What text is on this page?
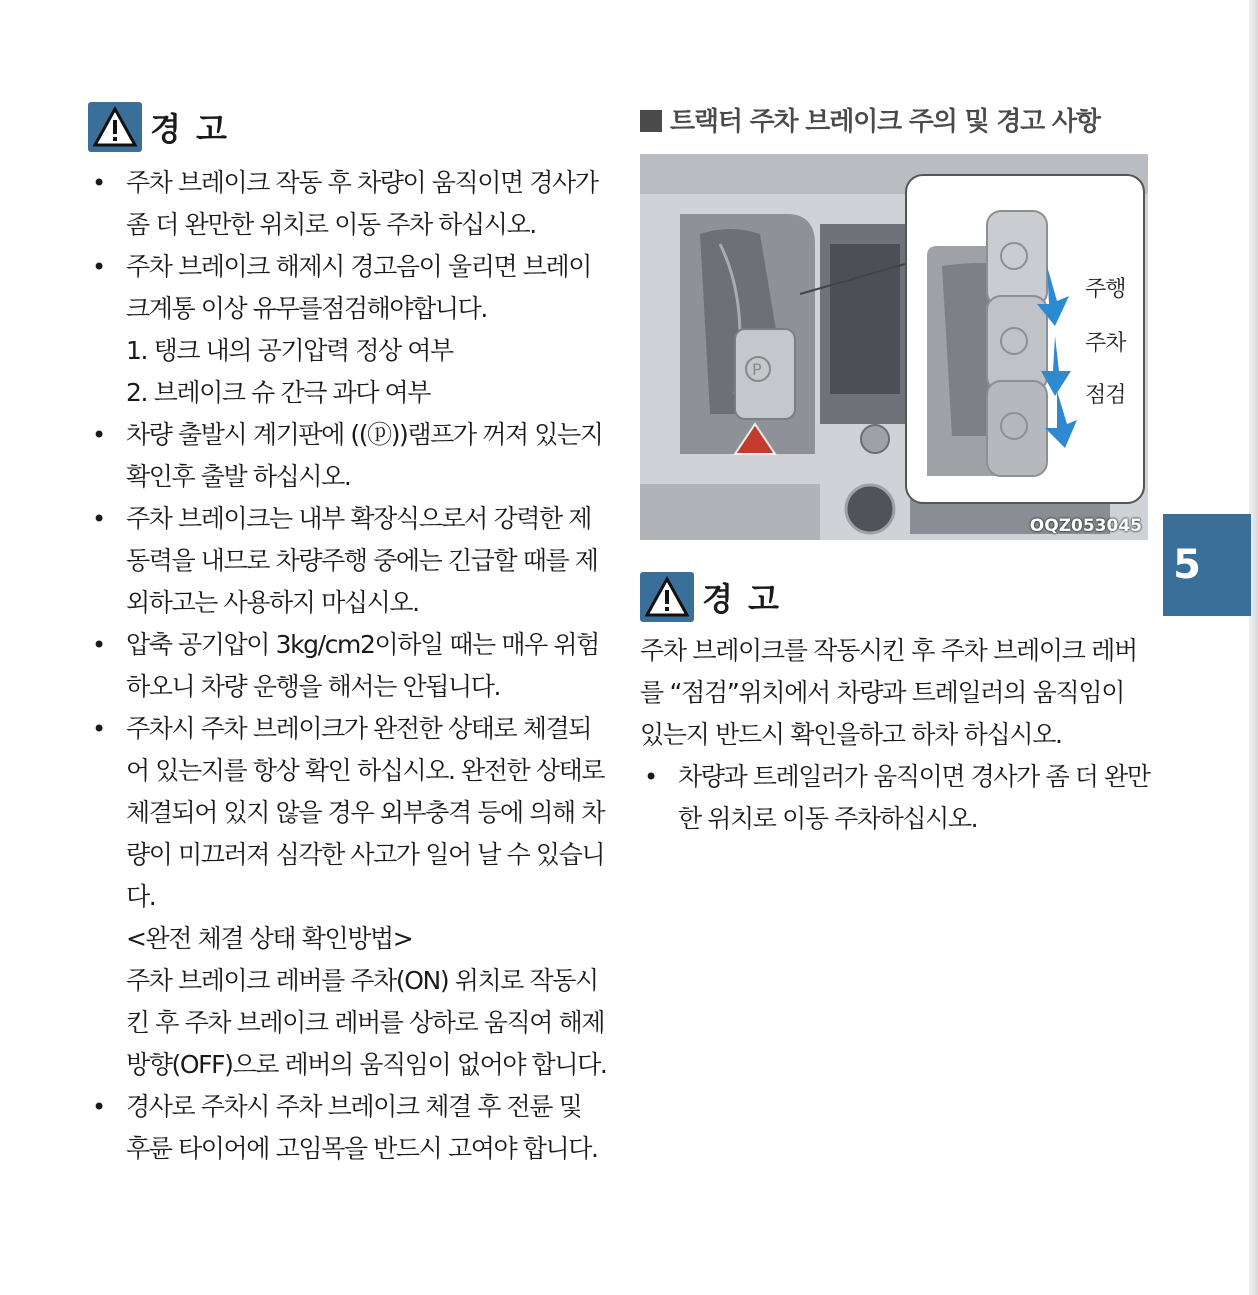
경 고
• 주차 브레이크 작동 후 차량이 움직이면 경사가 좀 더 완만한 위치로 이동 주차 하십시오.
• 주차 브레이크 해제시 경고음이 울리면 브레이크계통 이상 유무를점검해야합니다.
1. 탱크 내의 공기압력 정상 여부
2. 브레이크 슈 간극 과다 여부
• 차량 출발시 계기판에 ((ⓟ))램프가 꺼져 있는지 확인후 출발 하십시오.
• 주차 브레이크는 내부 확장식으로서 강력한 제동력을 내므로 차량주행 중에는 긴급할 때를 제외하고는 사용하지 마십시오.
• 압축 공기압이 3kg/cm2이하일 때는 매우 위험하오니 차량 운행을 해서는 안됩니다.
• 주차시 주차 브레이크가 완전한 상태로 체결되어 있는지를 항상 확인 하십시오. 완전한 상태로 체결되어 있지 않을 경우 외부충격 등에 의해 차량이 미끄러져 심각한 사고가 일어 날 수 있습니다.
<완전 체결 상태 확인방법>
주차 브레이크 레버를 주차(ON) 위치로 작동시킨 후 주차 브레이크 레버를 상하로 움직여 해제방향(OFF)으로 레버의 움직임이 없어야 합니다.
• 경사로 주차시 주차 브레이크 체결 후 전륜 및 후륜 타이어에 고임목을 반드시 고여야 합니다.
트랙터 주차 브레이크 주의 및 경고 사항
P
주행
주차
점검
OQZ053045
경 고
주차 브레이크를 작동시킨 후 주차 브레이크 레버를 “점검”위치에서 차량과 트레일러의 움직임이 있는지 반드시 확인을하고 하차 하십시오.
• 차량과 트레일러가 움직이면 경사가 좀 더 완만한 위치로 이동 주차하십시오.
5
